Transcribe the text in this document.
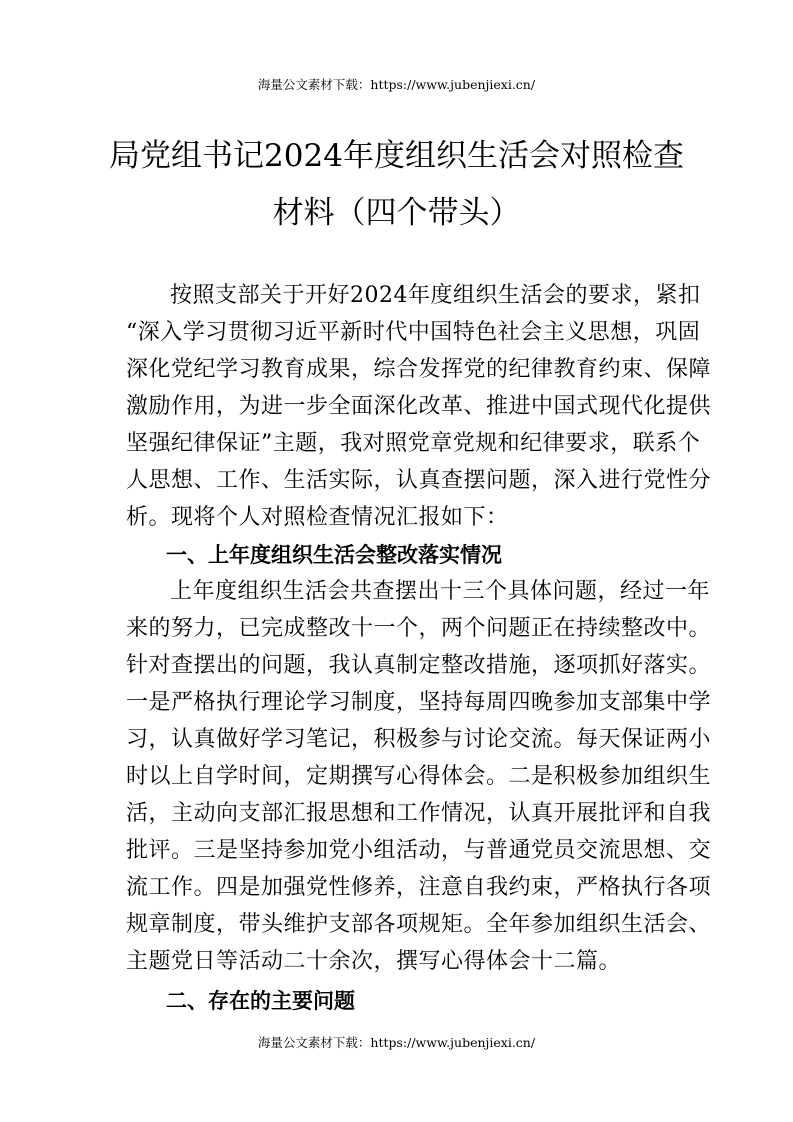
海量公文素材下载：https://www.jubenjiexi.cn/
局党组书记2024年度组织生活会对照检查
材料（四个带头）
按照支部关于开好2024年度组织生活会的要求，紧扣
“深入学习贯彻习近平新时代中国特色社会主义思想，巩固
深化党纪学习教育成果，综合发挥党的纪律教育约束、保障
激励作用，为进一步全面深化改革、推进中国式现代化提供
坚强纪律保证”主题，我对照党章党规和纪律要求，联系个
人思想、工作、生活实际，认真查摆问题，深入进行党性分
析。现将个人对照检查情况汇报如下：
一、上年度组织生活会整改落实情况
上年度组织生活会共查摆出十三个具体问题，经过一年
来的努力，已完成整改十一个，两个问题正在持续整改中。
针对查摆出的问题，我认真制定整改措施，逐项抓好落实。
一是严格执行理论学习制度，坚持每周四晚参加支部集中学
习，认真做好学习笔记，积极参与讨论交流。每天保证两小
时以上自学时间，定期撰写心得体会。二是积极参加组织生
活，主动向支部汇报思想和工作情况，认真开展批评和自我
批评。三是坚持参加党小组活动，与普通党员交流思想、交
流工作。四是加强党性修养，注意自我约束，严格执行各项
规章制度，带头维护支部各项规矩。全年参加组织生活会、
主题党日等活动二十余次，撰写心得体会十二篇。
二、存在的主要问题
海量公文素材下载：https://www.jubenjiexi.cn/
